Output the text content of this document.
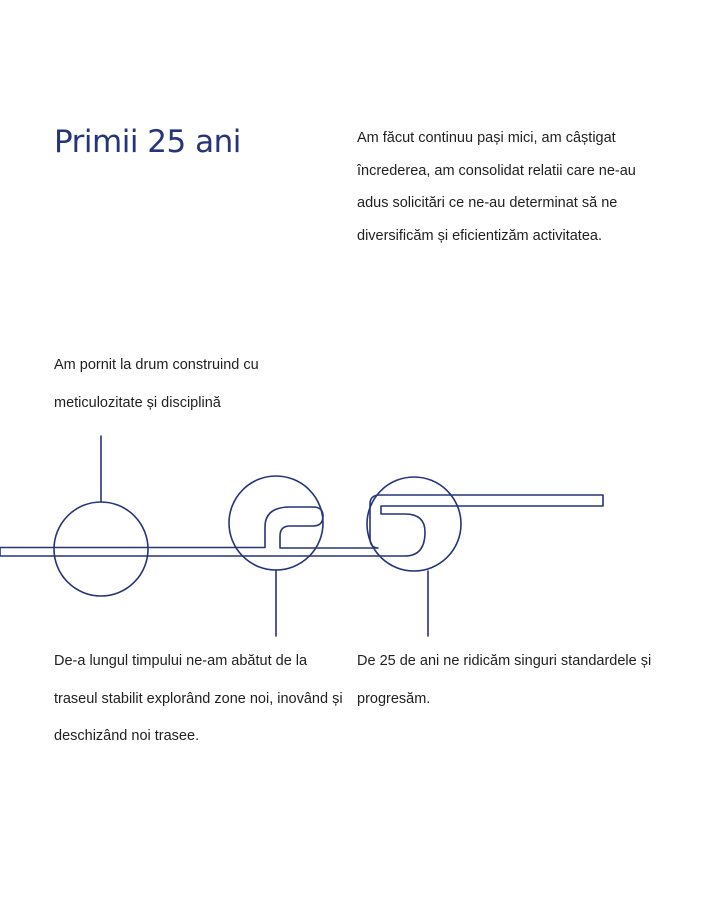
Primii 25 ani	Am făcut continuu pași mici, am câștigat încrederea, am consolidat relatii care ne-au adus solicitări ce ne-au determinat să ne diversificăm și eficientizăm activitatea.

Am pornit la drum construind cu meticulozitate și disciplină

De-a lungul timpului ne-am abătut de la traseul stabilit explorând zone noi, inovând și deschizând noi trasee.

De 25 de ani ne ridicăm singuri standardele și progresăm.
